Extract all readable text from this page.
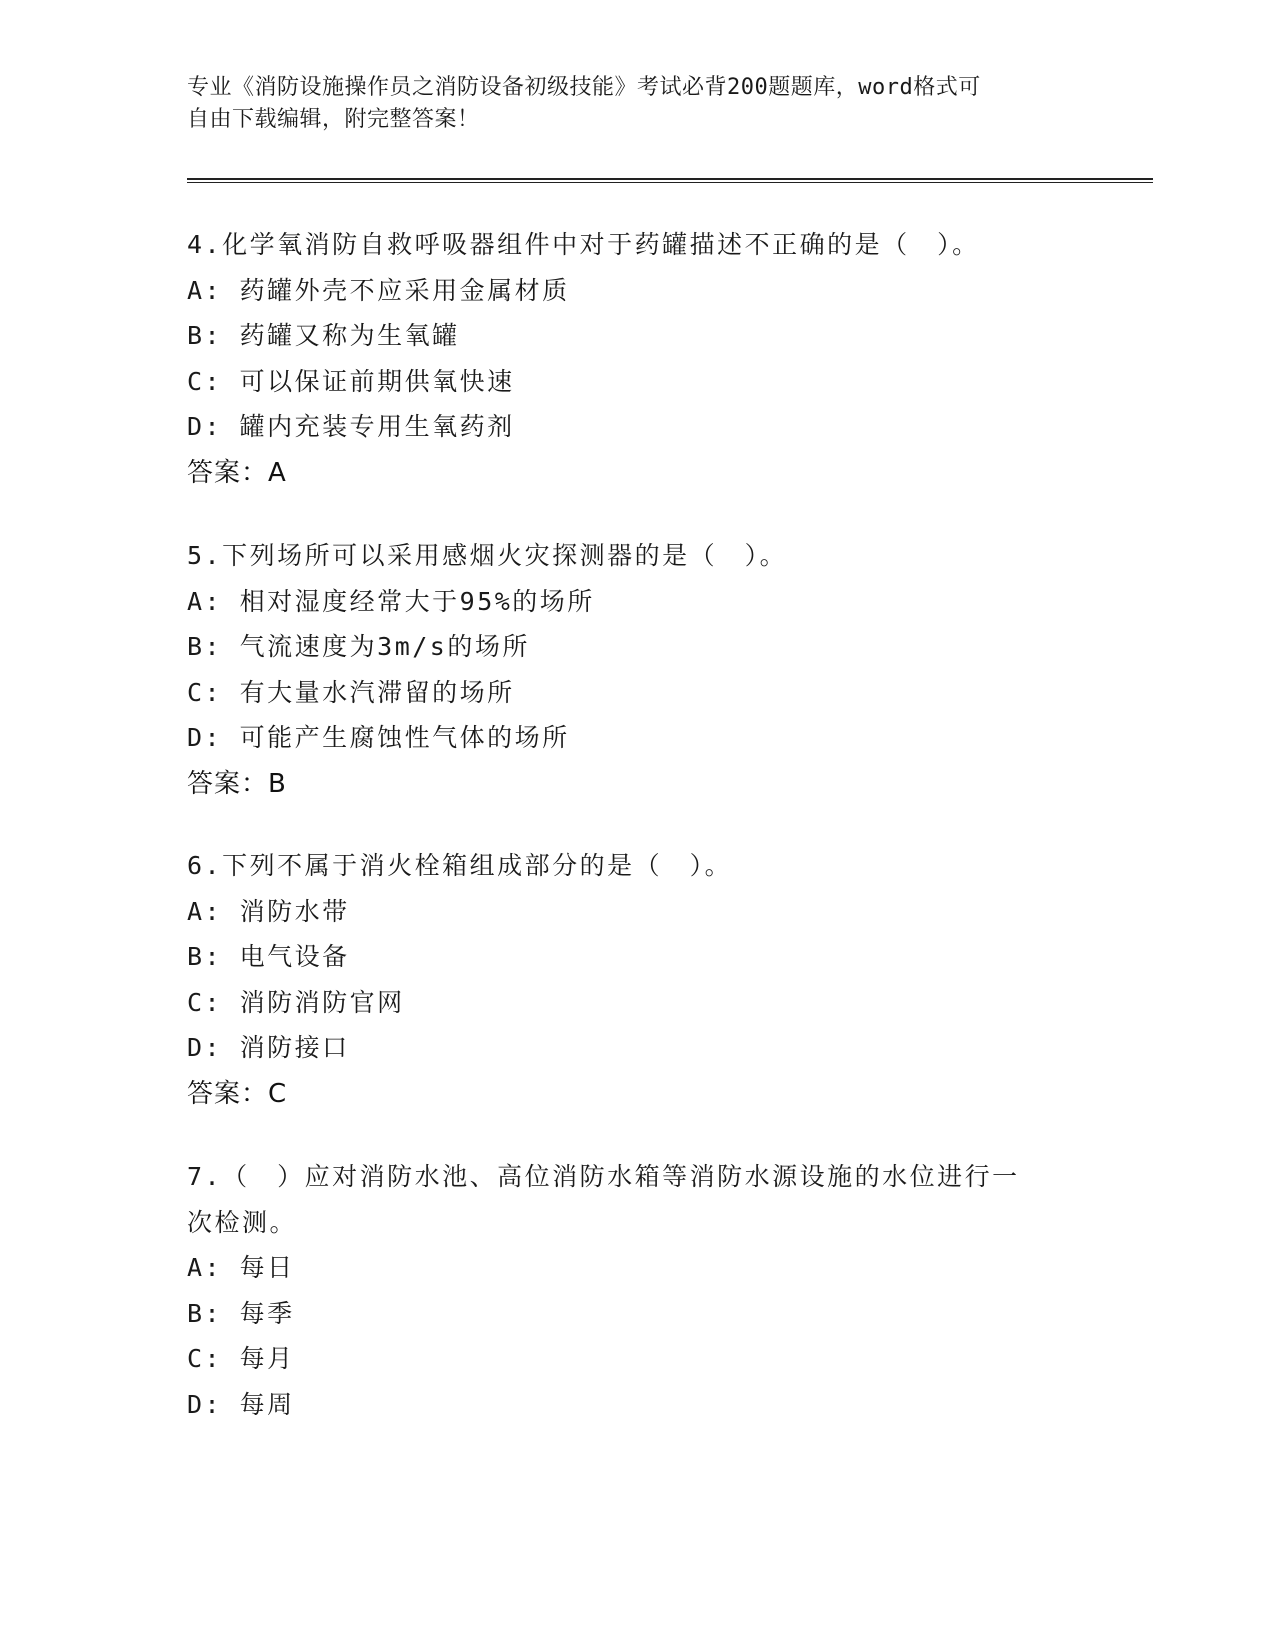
专业《消防设施操作员之消防设备初级技能》考试必背200题题库，word格式可
自由下载编辑，附完整答案！
4.化学氧消防自救呼吸器组件中对于药罐描述不正确的是（　）。
A: 药罐外壳不应采用金属材质
B: 药罐又称为生氧罐
C: 可以保证前期供氧快速
D: 罐内充装专用生氧药剂
答案：A
5.下列场所可以采用感烟火灾探测器的是（　）。
A: 相对湿度经常大于95%的场所
B: 气流速度为3m/s的场所
C: 有大量水汽滞留的场所
D: 可能产生腐蚀性气体的场所
答案：B
6.下列不属于消火栓箱组成部分的是（　）。
A: 消防水带
B: 电气设备
C: 消防消防官网
D: 消防接口
答案：C
7.（　）应对消防水池、高位消防水箱等消防水源设施的水位进行一
次检测。
A: 每日
B: 每季
C: 每月
D: 每周
